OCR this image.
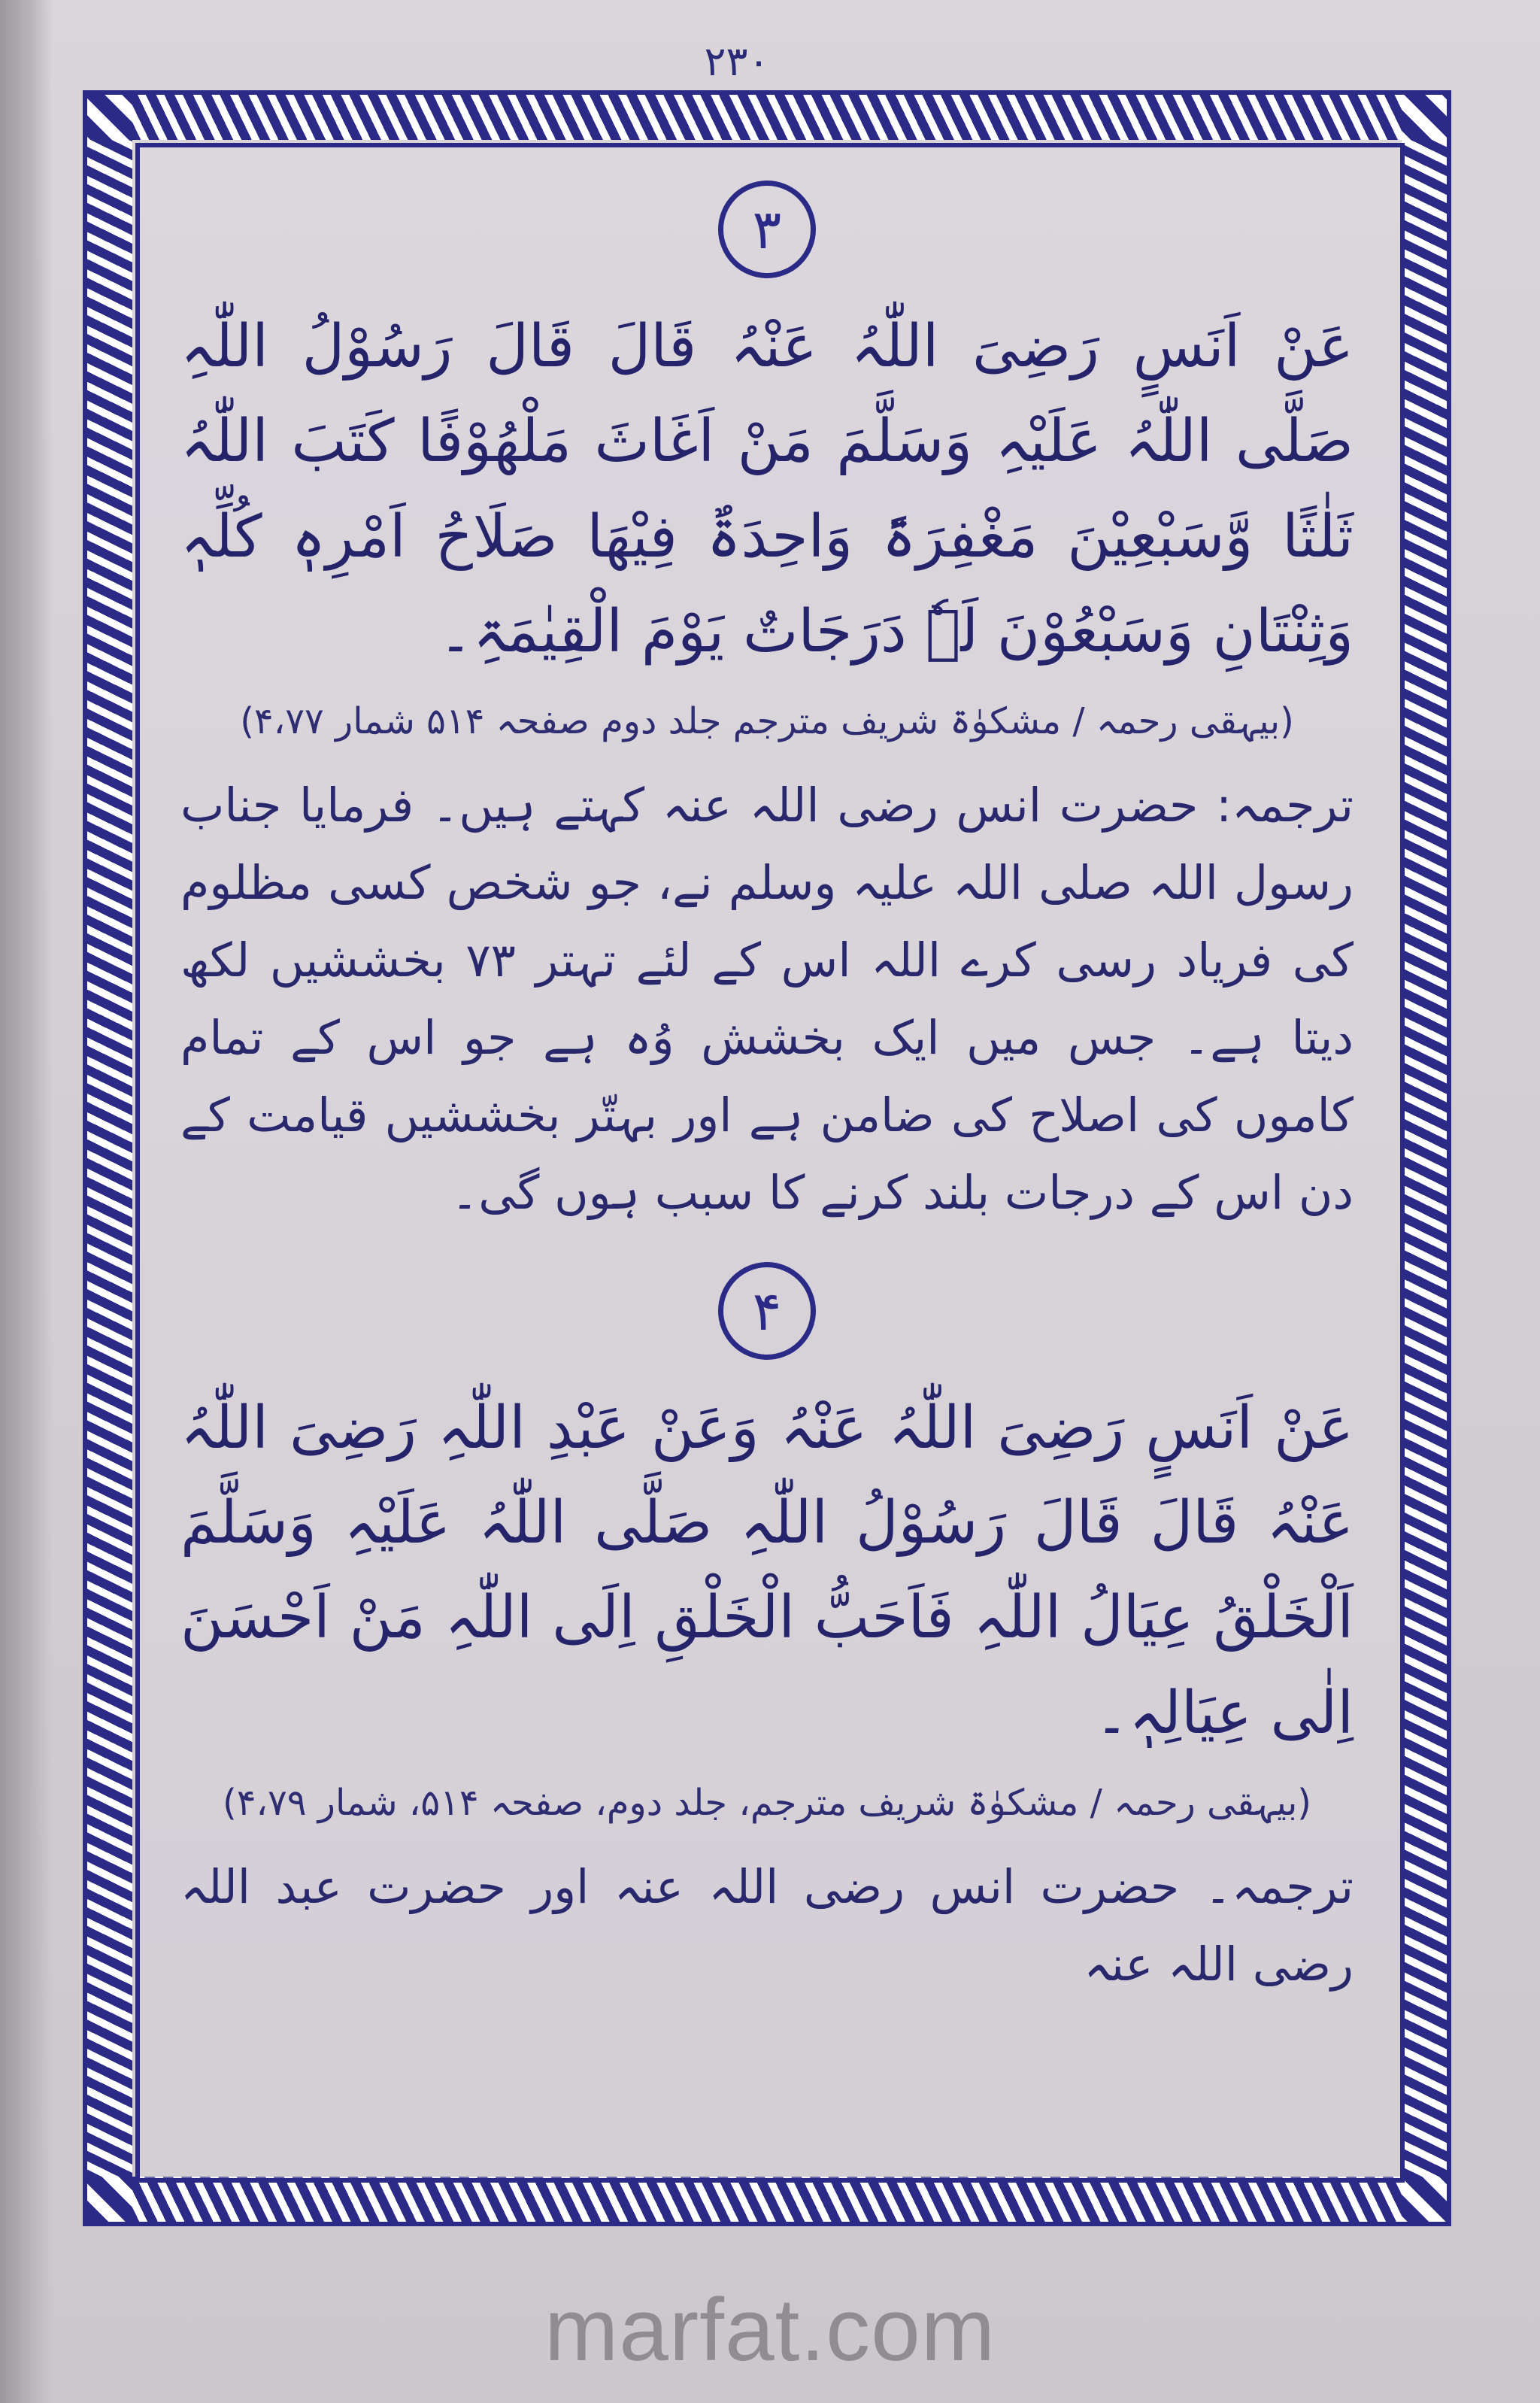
۲۳۰
۳
عَنْ اَنَسٍ رَضِیَ اللّٰہُ عَنْہُ قَالَ قَالَ رَسُوْلُ اللّٰہِ صَلَّی اللّٰہُ عَلَیْہِ وَسَلَّمَ مَنْ اَغَاثَ مَلْھُوْفًا کَتَبَ اللّٰہُ ثَلٰثًا وَّسَبْعِیْنَ مَغْفِرَۃً وَاحِدَۃٌ فِیْھَا صَلَاحُ اَمْرِہٖ کُلِّہٖ وَثِنْتَانِ وَسَبْعُوْنَ لَہٗ دَرَجَاتٌ یَوْمَ الْقِیٰمَۃِ۔
(بیہقی رحمہ / مشکوٰۃ شریف مترجم جلد دوم صفحہ ۵۱۴ شمار ۴،۷۷)
ترجمہ: حضرت انس رضی اللہ عنہ کہتے ہیں۔ فرمایا جناب رسول اللہ صلی اللہ علیہ وسلم نے، جو شخص کسی مظلوم کی فریاد رسی کرے اللہ اس کے لئے تہتر ۷۳ بخششیں لکھ دیتا ہے۔ جس میں ایک بخشش وُہ ہے جو اس کے تمام کاموں کی اصلاح کی ضامن ہے اور بہتّر بخششیں قیامت کے دن اس کے درجات بلند کرنے کا سبب ہوں گی۔
۴
عَنْ اَنَسٍ رَضِیَ اللّٰہُ عَنْہُ وَعَنْ عَبْدِ اللّٰہِ رَضِیَ اللّٰہُ عَنْہُ قَالَ قَالَ رَسُوْلُ اللّٰہِ صَلَّی اللّٰہُ عَلَیْہِ وَسَلَّمَ اَلْخَلْقُ عِیَالُ اللّٰہِ فَاَحَبُّ الْخَلْقِ اِلَی اللّٰہِ مَنْ اَحْسَنَ اِلٰی عِیَالِہٖ۔
(بیہقی رحمہ / مشکوٰۃ شریف مترجم، جلد دوم، صفحہ ۵۱۴، شمار ۴،۷۹)
ترجمہ۔ حضرت انس رضی اللہ عنہ اور حضرت عبد اللہ رضی اللہ عنہ
marfat.com
